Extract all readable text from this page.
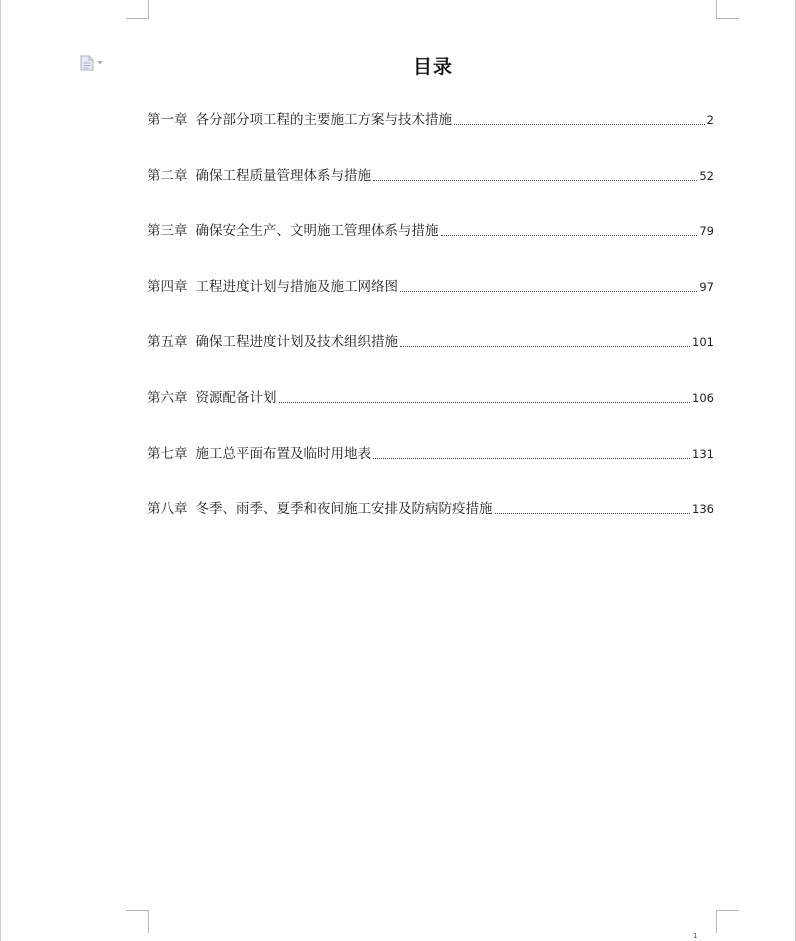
目录
第一章 各分部分项工程的主要施工方案与技术措施	2
第二章 确保工程质量管理体系与措施	52
第三章 确保安全生产、文明施工管理体系与措施	79
第四章 工程进度计划与措施及施工网络图	97
第五章 确保工程进度计划及技术组织措施	101
第六章 资源配备计划	106
第七章 施工总平面布置及临时用地表	131
第八章 冬季、雨季、夏季和夜间施工安排及防病防疫措施	136
1
